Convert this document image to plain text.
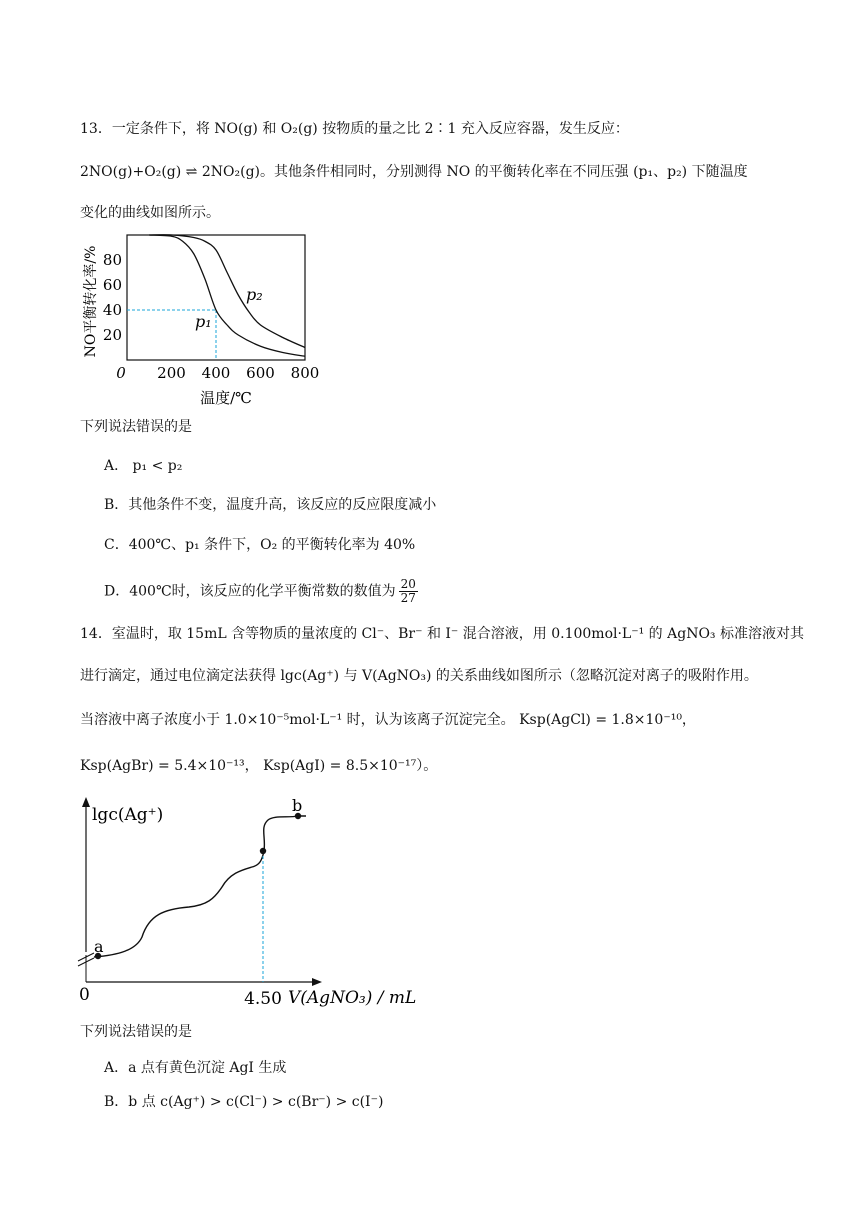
13．一定条件下，将 NO(g) 和 O₂(g) 按物质的量之比 2∶1 充入反应容器，发生反应：
2NO(g)+O₂(g) ⇌ 2NO₂(g)。其他条件相同时，分别测得 NO 的平衡转化率在不同压强 (p₁、p₂) 下随温度
变化的曲线如图所示。
20
40
60
80
0 200 400 600 800
NO平衡转化率/%
温度/℃
p₂
p₁
下列说法错误的是
A． p₁ < p₂
B．其他条件不变，温度升高，该反应的反应限度减小
C．400℃、p₁ 条件下，O₂ 的平衡转化率为 40%
D．400℃时，该反应的化学平衡常数的数值为 $\frac{20}{27}$
14．室温时，取 15mL 含等物质的量浓度的 Cl⁻、Br⁻ 和 I⁻ 混合溶液，用 0.100mol·L⁻¹ 的 AgNO₃ 标准溶液对其
进行滴定，通过电位滴定法获得 lgc(Ag⁺) 与 V(AgNO₃) 的关系曲线如图所示（忽略沉淀对离子的吸附作用。
当溶液中离子浓度小于 1.0×10⁻⁵mol·L⁻¹ 时，认为该离子沉淀完全。 Ksp(AgCl) = 1.8×10⁻¹⁰，
Ksp(AgBr) = 5.4×10⁻¹³， Ksp(AgI) = 8.5×10⁻¹⁷）。
lgc(Ag⁺)
V(AgNO₃) / mL
0	4.50
a
b
下列说法错误的是
A．a 点有黄色沉淀 AgI 生成
B．b 点 c(Ag⁺) > c(Cl⁻) > c(Br⁻) > c(I⁻)
